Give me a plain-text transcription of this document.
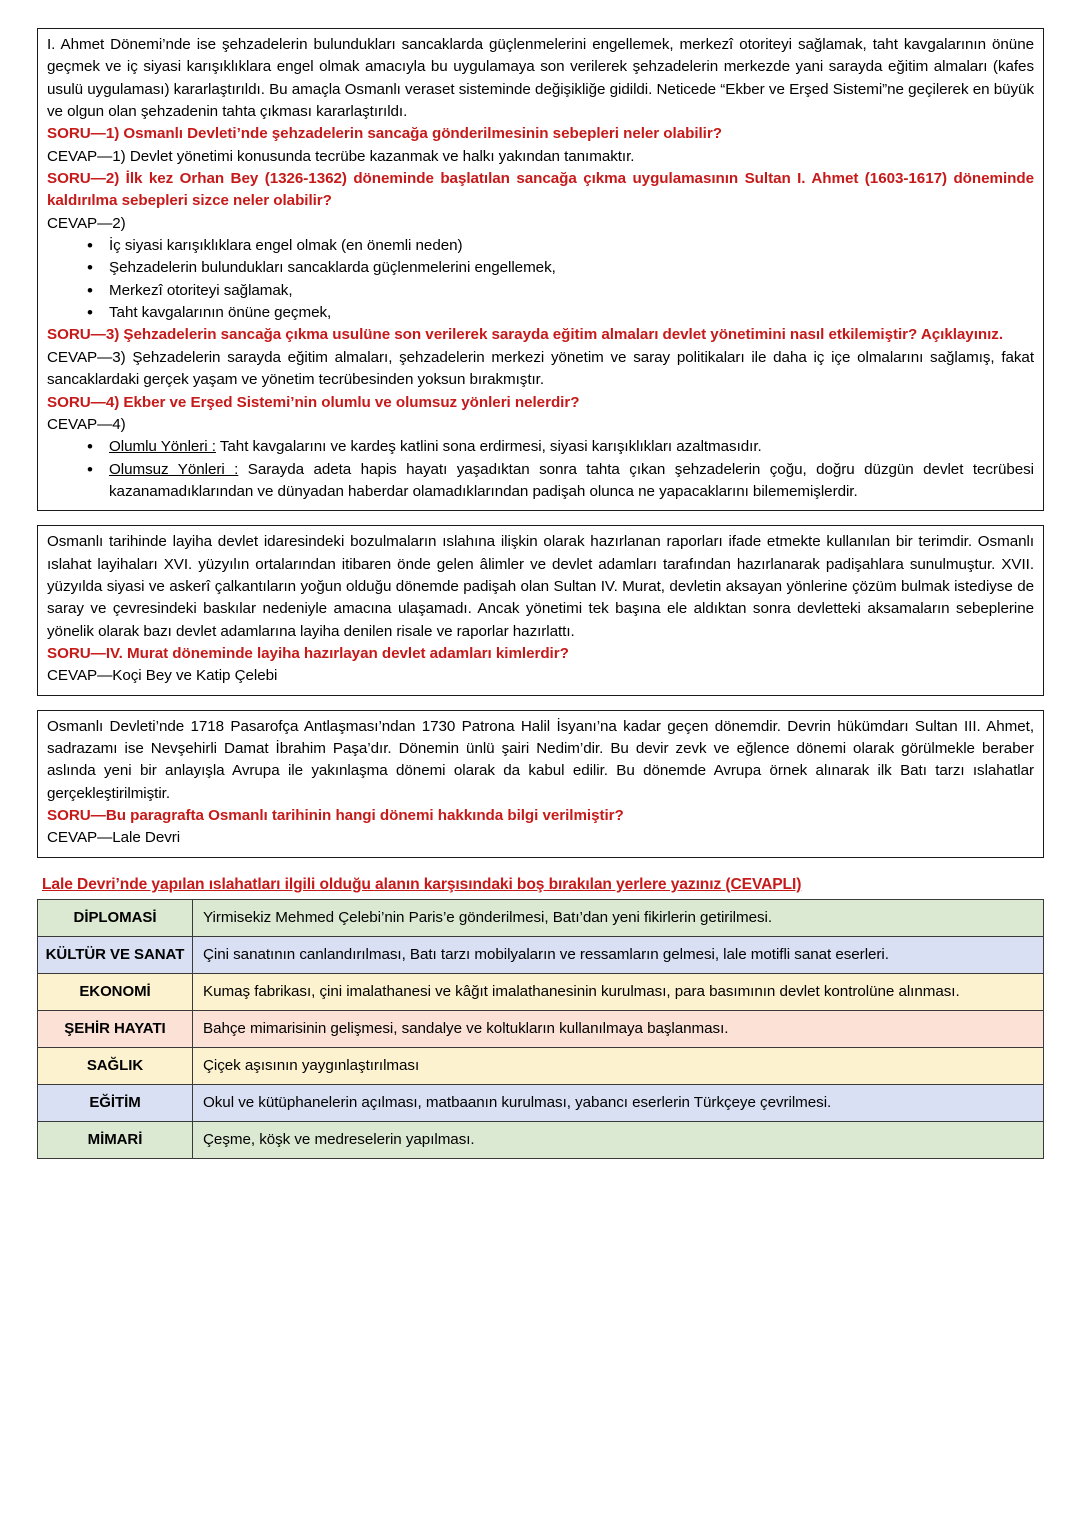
I. Ahmet Dönemi’nde ise şehzadelerin bulundukları sancaklarda güçlenmelerini engellemek, merkezî otoriteyi sağlamak, taht kavgalarının önüne geçmek ve iç siyasi karışıklıklara engel olmak amacıyla bu uygulamaya son verilerek şehzadelerin merkezde yani sarayda eğitim almaları (kafes usulü uygulaması) kararlaştırıldı. Bu amaçla Osmanlı veraset sisteminde değişikliğe gidildi. Neticede “Ekber ve Erşed Sistemi”ne geçilerek en büyük ve olgun olan şehzadenin tahta çıkması kararlaştırıldı.

SORU—1) Osmanlı Devleti’nde şehzadelerin sancağa gönderilmesinin sebepleri neler olabilir?

CEVAP—1) Devlet yönetimi konusunda tecrübe kazanmak ve halkı yakından tanımaktır.

SORU—2) İlk kez Orhan Bey (1326-1362) döneminde başlatılan sancağa çıkma uygulamasının Sultan I. Ahmet (1603-1617) döneminde kaldırılma sebepleri sizce neler olabilir?

CEVAP—2)

• İç siyasi karışıklıklara engel olmak (en önemli neden)
• Şehzadelerin bulundukları sancaklarda güçlenmelerini engellemek,
• Merkezî otoriteyi sağlamak,
• Taht kavgalarının önüne geçmek,

SORU—3) Şehzadelerin sancağa çıkma usulüne son verilerek sarayda eğitim almaları devlet yönetimini nasıl etkilemiştir? Açıklayınız.

CEVAP—3) Şehzadelerin sarayda eğitim almaları, şehzadelerin merkezi yönetim ve saray politikaları ile daha iç içe olmalarını sağlamış, fakat sancaklardaki gerçek yaşam ve yönetim tecrübesinden yoksun bırakmıştır.

SORU—4) Ekber ve Erşed Sistemi’nin olumlu ve olumsuz yönleri nelerdir?

CEVAP—4)

• Olumlu Yönleri : Taht kavgalarını ve kardeş katlini sona erdirmesi, siyasi karışıklıkları azaltmasıdır.
• Olumsuz Yönleri : Sarayda adeta hapis hayatı yaşadıktan sonra tahta çıkan şehzadelerin çoğu, doğru düzgün devlet tecrübesi kazanamadıklarından ve dünyadan haberdar olamadıklarından padişah olunca ne yapacaklarını bilememişlerdir.

Osmanlı tarihinde layiha devlet idaresindeki bozulmaların ıslahına ilişkin olarak hazırlanan raporları ifade etmekte kullanılan bir terimdir. Osmanlı ıslahat layihaları XVI. yüzyılın ortalarından itibaren önde gelen âlimler ve devlet adamları tarafından hazırlanarak padişahlara sunulmuştur. XVII. yüzyılda siyasi ve askerî çalkantıların yoğun olduğu dönemde padişah olan Sultan IV. Murat, devletin aksayan yönlerine çözüm bulmak istediyse de saray ve çevresindeki baskılar nedeniyle amacına ulaşamadı. Ancak yönetimi tek başına ele aldıktan sonra devletteki aksamaların sebeplerine yönelik olarak bazı devlet adamlarına layiha denilen risale ve raporlar hazırlattı.

SORU—IV. Murat döneminde layiha hazırlayan devlet adamları kimlerdir?

CEVAP—Koçi Bey ve Katip Çelebi

Osmanlı Devleti’nde 1718 Pasarofça Antlaşması’ndan 1730 Patrona Halil İsyanı’na kadar geçen dönemdir. Devrin hükümdarı Sultan III. Ahmet, sadrazamı ise Nevşehirli Damat İbrahim Paşa’dır. Dönemin ünlü şairi Nedim’dir. Bu devir zevk ve eğlence dönemi olarak görülmekle beraber aslında yeni bir anlayışla Avrupa ile yakınlaşma dönemi olarak da kabul edilir. Bu dönemde Avrupa örnek alınarak ilk Batı tarzı ıslahatlar gerçekleştirilmiştir.

SORU—Bu paragrafta Osmanlı tarihinin hangi dönemi hakkında bilgi verilmiştir?

CEVAP—Lale Devri

Lale Devri’nde yapılan ıslahatları ilgili olduğu alanın karşısındaki boş bırakılan yerlere yazınız (CEVAPLI)
DİPLOMASİ	Yirmisekiz Mehmed Çelebi’nin Paris’e gönderilmesi, Batı’dan yeni fikirlerin getirilmesi.
KÜLTÜR VE SANAT	Çini sanatının canlandırılması, Batı tarzı mobilyaların ve ressamların gelmesi, lale motifli sanat eserleri.
EKONOMİ	Kumaş fabrikası, çini imalathanesi ve kâğıt imalathanesinin kurulması, para basımının devlet kontrolüne alınması.
ŞEHİR HAYATI	Bahçe mimarisinin gelişmesi, sandalye ve koltukların kullanılmaya başlanması.
SAĞLIK	Çiçek aşısının yaygınlaştırılması
EĞİTİM	Okul ve kütüphanelerin açılması, matbaanın kurulması, yabancı eserlerin Türkçeye çevrilmesi.
MİMARİ	Çeşme, köşk ve medreselerin yapılması.
